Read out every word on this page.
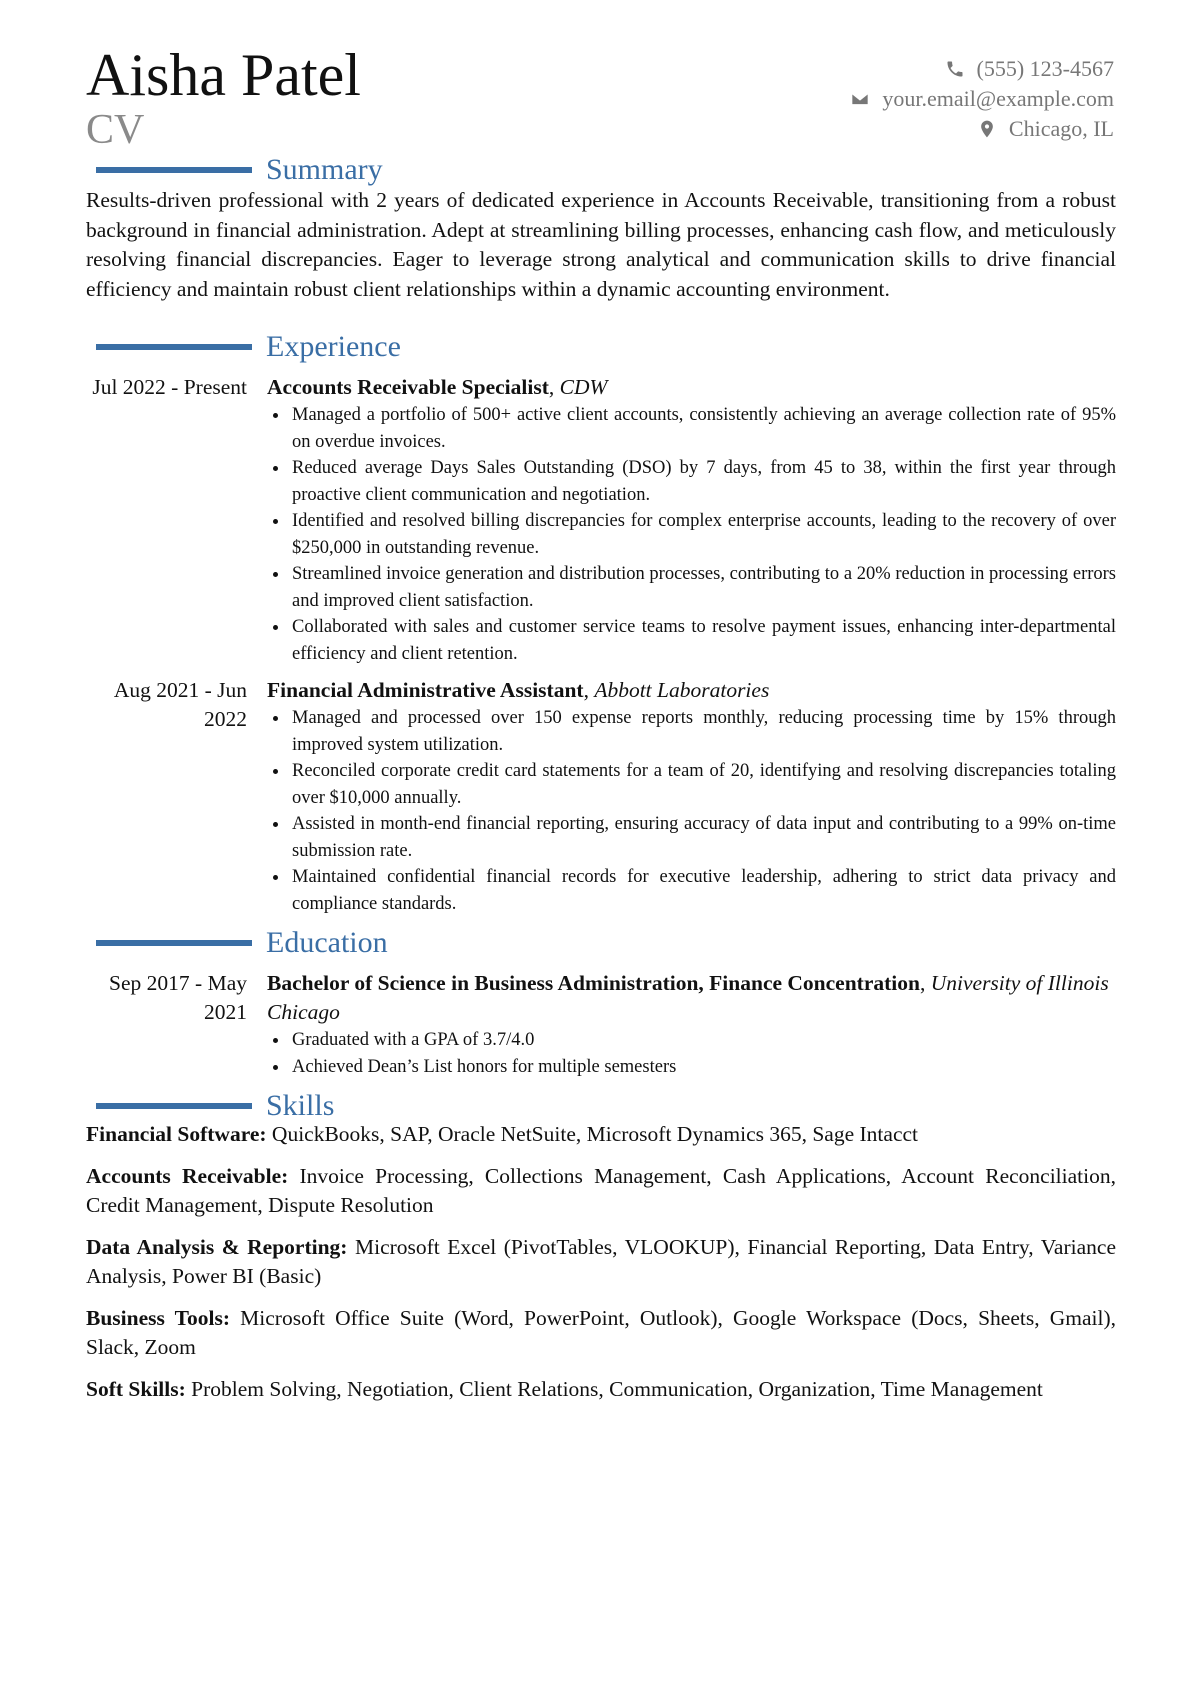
Aisha Patel
CV
(555) 123-4567
your.email@example.com
Chicago, IL
Summary

Results-driven professional with 2 years of dedicated experience in Accounts Receivable, transitioning from a robust background in financial administration. Adept at streamlining billing processes, enhancing cash flow, and meticulously resolving financial discrepancies. Eager to leverage strong analytical and communication skills to drive financial efficiency and maintain robust client relationships within a dynamic accounting environment.

Experience
Jul 2022 - Present Accounts Receivable Specialist, CDW
Managed a portfolio of 500+ active client accounts, consistently achieving an average collection rate of 95% on overdue invoices.
Reduced average Days Sales Outstanding (DSO) by 7 days, from 45 to 38, within the first year through proactive client communication and negotiation.
Identified and resolved billing discrepancies for complex enterprise accounts, leading to the recovery of over $250,000 in outstanding revenue.
Streamlined invoice generation and distribution processes, contributing to a 20% reduction in processing errors and improved client satisfaction.
Collaborated with sales and customer service teams to resolve payment issues, enhancing inter-departmental efficiency and client retention.
Aug 2021 - Jun 2022
Financial Administrative Assistant, Abbott Laboratories
Managed and processed over 150 expense reports monthly, reducing processing time by 15% through improved system utilization.
Reconciled corporate credit card statements for a team of 20, identifying and resolving discrepancies totaling over $10,000 annually.
Assisted in month-end financial reporting, ensuring accuracy of data input and contributing to a 99% on-time submission rate.
Maintained confidential financial records for executive leadership, adhering to strict data privacy and compliance standards.
Education
Sep 2017 - May 2021
Bachelor of Science in Business Administration, Finance Concentration, University of Illinois Chicago
Graduated with a GPA of 3.7/4.0
Achieved Dean’s List honors for multiple semesters
Skills
Financial Software: QuickBooks, SAP, Oracle NetSuite, Microsoft Dynamics 365, Sage Intacct
Accounts Receivable: Invoice Processing, Collections Management, Cash Applications, Account Reconciliation, Credit Management, Dispute Resolution
Data Analysis & Reporting: Microsoft Excel (PivotTables, VLOOKUP), Financial Reporting, Data Entry, Variance Analysis, Power BI (Basic)
Business Tools: Microsoft Office Suite (Word, PowerPoint, Outlook), Google Workspace (Docs, Sheets, Gmail), Slack, Zoom
Soft Skills: Problem Solving, Negotiation, Client Relations, Communication, Organization, Time Management
